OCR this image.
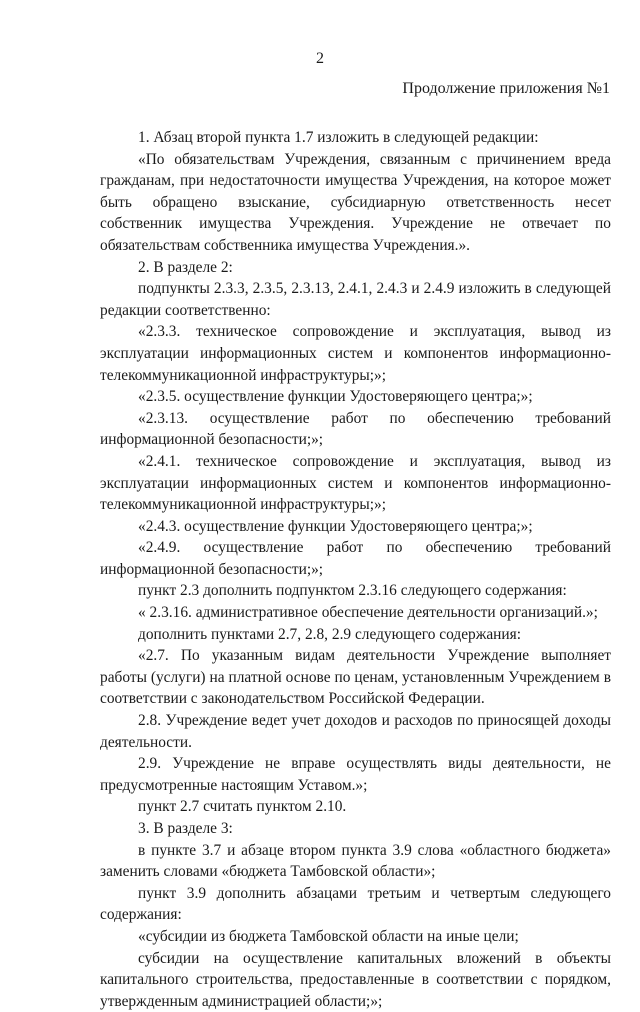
2
Продолжение приложения №1

1. Абзац второй пункта 1.7 изложить в следующей редакции:

«По обязательствам Учреждения, связанным с причинением вреда гражданам, при недостаточности имущества Учреждения, на которое может быть обращено взыскание, субсидиарную ответственность несет собственник имущества Учреждения. Учреждение не отвечает по обязательствам собственника имущества Учреждения.».

2. В разделе 2:

подпункты 2.3.3, 2.3.5, 2.3.13, 2.4.1, 2.4.3 и 2.4.9 изложить в следующей редакции соответственно:

«2.3.3. техническое сопровождение и эксплуатация, вывод из эксплуатации информационных систем и компонентов информационно-телекоммуникационной инфраструктуры;»;

«2.3.5. осуществление функции Удостоверяющего центра;»;

«2.3.13. осуществление работ по обеспечению требований информационной безопасности;»;

«2.4.1. техническое сопровождение и эксплуатация, вывод из эксплуатации информационных систем и компонентов информационно-телекоммуникационной инфраструктуры;»;

«2.4.3. осуществление функции Удостоверяющего центра;»;

«2.4.9. осуществление работ по обеспечению требований информационной безопасности;»;

пункт 2.3 дополнить подпунктом 2.3.16 следующего содержания:

« 2.3.16. административное обеспечение деятельности организаций.»;

дополнить пунктами 2.7, 2.8, 2.9 следующего содержания:

«2.7. По указанным видам деятельности Учреждение выполняет работы (услуги) на платной основе по ценам, установленным Учреждением в соответствии с законодательством Российской Федерации.

2.8. Учреждение ведет учет доходов и расходов по приносящей доходы деятельности.

2.9. Учреждение не вправе осуществлять виды деятельности, не предусмотренные настоящим Уставом.»;

пункт 2.7 считать пунктом 2.10.

3. В разделе 3:

в пункте 3.7 и абзаце втором пункта 3.9 слова «областного бюджета» заменить словами «бюджета Тамбовской области»;

пункт 3.9 дополнить абзацами третьим и четвертым следующего содержания:

«субсидии из бюджета Тамбовской области на иные цели;

субсидии на осуществление капитальных вложений в объекты капитального строительства, предоставленные в соответствии с порядком, утвержденным администрацией области;»;
